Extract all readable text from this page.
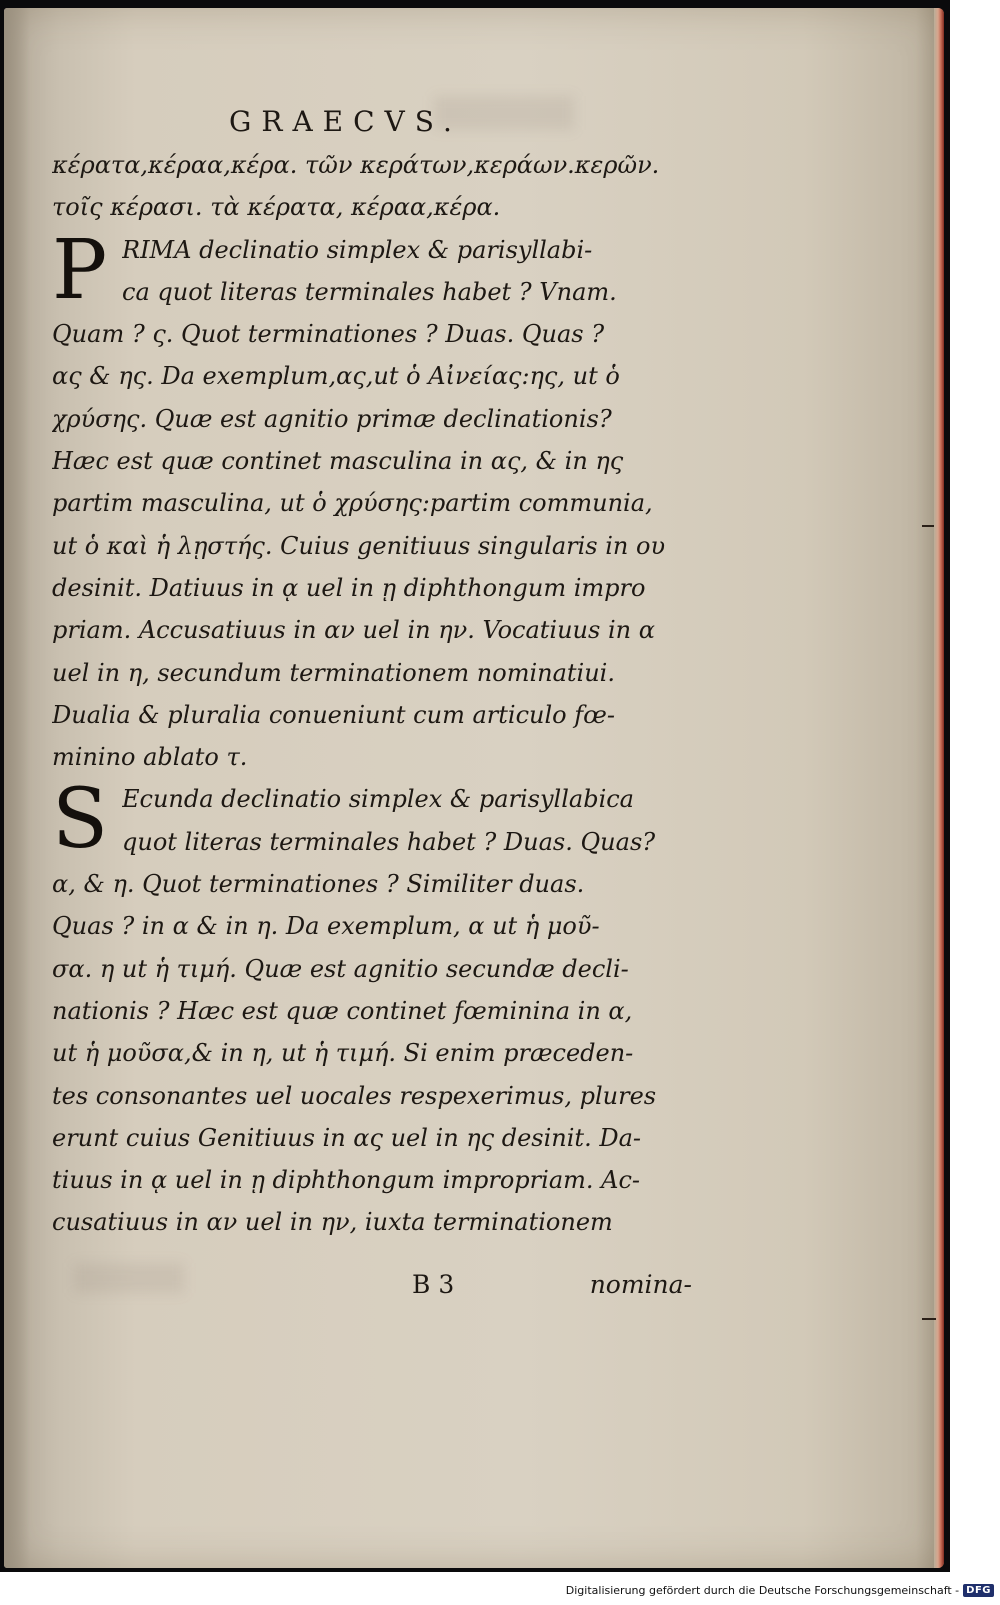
GRAECVS.
κέρατα,κέραα,κέρα. τῶν κεράτων,κεράων.κερῶν.
τοῖς κέρασι. τὰ κέρατα, κέραα,κέρα.
P RIMA declinatio simplex & parisyllabi-
ca quot literas terminales habet ? Vnam.
Quam ? ς. Quot terminationes ? Duas. Quas ?
ας & ης. Da exemplum,ας,ut ὁ Αἰνείας:ης, ut ὁ
χρύσης. Quæ est agnitio primæ declinationis?
Hæc est quæ continet masculina in ας, & in ης
partim masculina, ut ὁ χρύσης:partim communia,
ut ὁ καὶ ἡ λῃστής. Cuius genitiuus singularis in ου
desinit. Datiuus in ᾳ uel in ῃ diphthongum impro
priam. Accusatiuus in αν uel in ην. Vocatiuus in α
uel in η, secundum terminationem nominatiui.
Dualia & pluralia conueniunt cum articulo fœ-
minino ablato τ.
S Ecunda declinatio simplex & parisyllabica
quot literas terminales habet ? Duas. Quas?
α, & η. Quot terminationes ? Similiter duas.
Quas ? in α & in η. Da exemplum, α ut ἡ μοῦ-
σα. η ut ἡ τιμή. Quæ est agnitio secundæ decli-
nationis ? Hæc est quæ continet fœminina in α,
ut ἡ μοῦσα,& in η, ut ἡ τιμή. Si enim præceden-
tes consonantes uel uocales respexerimus, plures
erunt cuius Genitiuus in ας uel in ης desinit. Da-
tiuus in ᾳ uel in ῃ diphthongum impropriam. Ac-
cusatiuus in αν uel in ην, iuxta terminationem
B 3	nomina-
Digitalisierung gefördert durch die Deutsche Forschungsgemeinschaft - DFG
